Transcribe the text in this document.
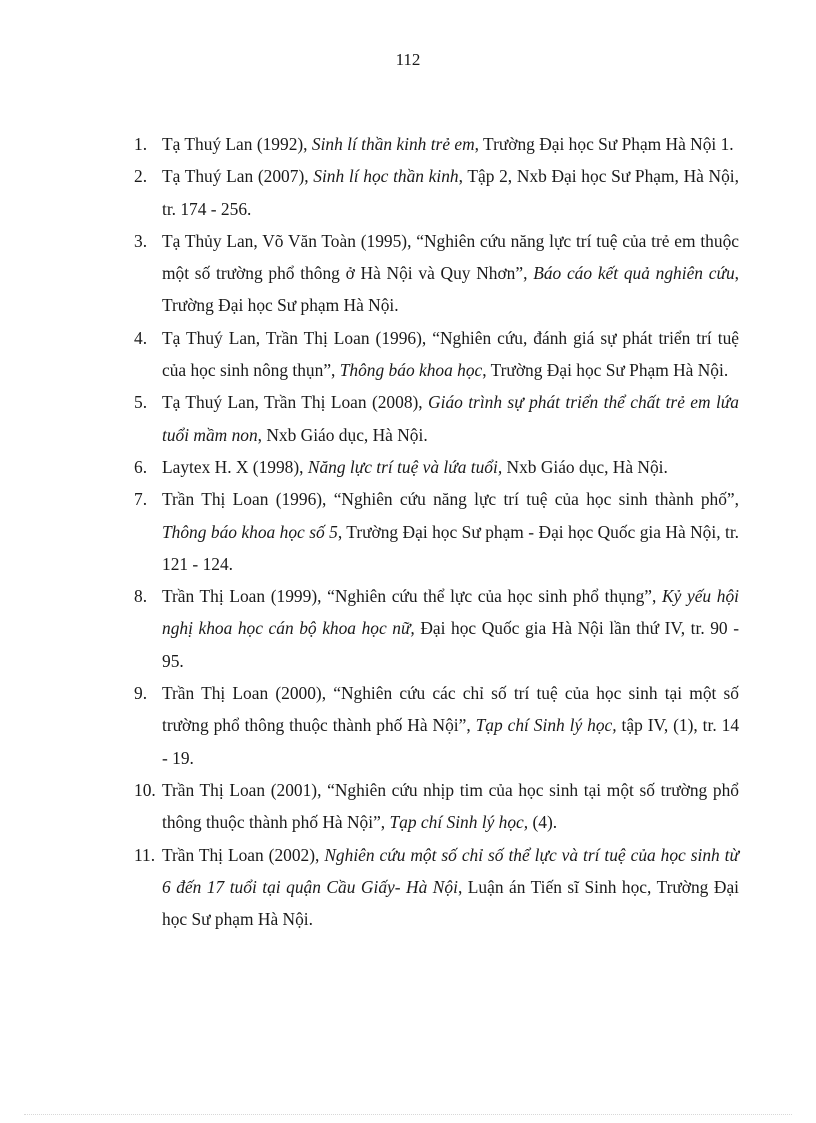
112
1. Tạ Thuý Lan (1992), Sinh lí thần kinh trẻ em, Trường Đại học Sư Phạm Hà Nội 1.
2. Tạ Thuý Lan (2007), Sinh lí học thần kinh, Tập 2, Nxb Đại học Sư Phạm, Hà Nội, tr. 174 - 256.
3. Tạ Thủy Lan, Võ Văn Toàn (1995), “Nghiên cứu năng lực trí tuệ của trẻ em thuộc một số trường phổ thông ở Hà Nội và Quy Nhơn”, Báo cáo kết quả nghiên cứu, Trường Đại học Sư phạm Hà Nội.
4. Tạ Thuý Lan, Trần Thị Loan (1996), “Nghiên cứu, đánh giá sự phát triển trí tuệ của học sinh nông thụn”, Thông báo khoa học, Trường Đại học Sư Phạm Hà Nội.
5. Tạ Thuý Lan, Trần Thị Loan (2008), Giáo trình sự phát triển thể chất trẻ em lứa tuổi mầm non, Nxb Giáo dục, Hà Nội.
6. Laytex H. X (1998), Năng lực trí tuệ và lứa tuổi, Nxb Giáo dục, Hà Nội.
7. Trần Thị Loan (1996), “Nghiên cứu năng lực trí tuệ của học sinh thành phố”, Thông báo khoa học số 5, Trường Đại học Sư phạm - Đại học Quốc gia Hà Nội, tr. 121 - 124.
8. Trần Thị Loan (1999), “Nghiên cứu thể lực của học sinh phổ thụng”, Kỷ yếu hội nghị khoa học cán bộ khoa học nữ, Đại học Quốc gia Hà Nội lần thứ IV, tr. 90 - 95.
9. Trần Thị Loan (2000), “Nghiên cứu các chỉ số trí tuệ của học sinh tại một số trường phổ thông thuộc thành phố Hà Nội”, Tạp chí Sinh lý học, tập IV, (1), tr. 14 - 19.
10. Trần Thị Loan (2001), “Nghiên cứu nhịp tim của học sinh tại một số trường phổ thông thuộc thành phố Hà Nội”, Tạp chí Sinh lý học, (4).
11. Trần Thị Loan (2002), Nghiên cứu một số chỉ số thể lực và trí tuệ của học sinh từ 6 đến 17 tuổi tại quận Cầu Giấy- Hà Nội, Luận án Tiến sĩ Sinh học, Trường Đại học Sư phạm Hà Nội.
